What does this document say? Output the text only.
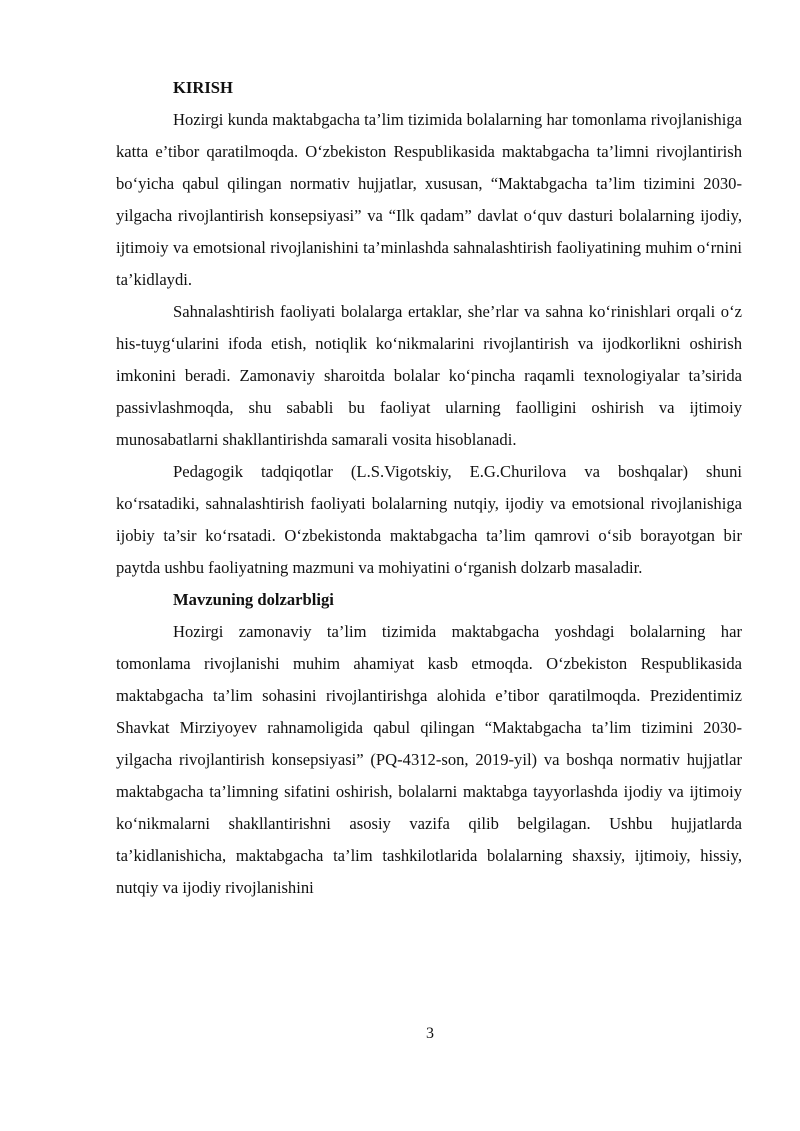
KIRISH

Hozirgi kunda maktabgacha ta’lim tizimida bolalarning har tomonlama rivojlanishiga katta e’tibor qaratilmoqda. O‘zbekiston Respublikasida maktabgacha ta’limni rivojlantirish bo‘yicha qabul qilingan normativ hujjatlar, xususan, “Maktabgacha ta’lim tizimini 2030-yilgacha rivojlantirish konsepsiyasi” va “Ilk qadam” davlat o‘quv dasturi bolalarning ijodiy, ijtimoiy va emotsional rivojlanishini ta’minlashda sahnalashtirish faoliyatining muhim o‘rnini ta’kidlaydi.

Sahnalashtirish faoliyati bolalarga ertaklar, she’rlar va sahna ko‘rinishlari orqali o‘z his-tuyg‘ularini ifoda etish, notiqlik ko‘nikmalarini rivojlantirish va ijodkorlikni oshirish imkonini beradi. Zamonaviy sharoitda bolalar ko‘pincha raqamli texnologiyalar ta’sirida passivlashmoqda, shu sababli bu faoliyat ularning faolligini oshirish va ijtimoiy munosabatlarni shakllantirishda samarali vosita hisoblanadi.

Pedagogik tadqiqotlar (L.S.Vigotskiy, E.G.Churilova va boshqalar) shuni ko‘rsatadiki, sahnalashtirish faoliyati bolalarning nutqiy, ijodiy va emotsional rivojlanishiga ijobiy ta’sir ko‘rsatadi. O‘zbekistonda maktabgacha ta’lim qamrovi o‘sib borayotgan bir paytda ushbu faoliyatning mazmuni va mohiyatini o‘rganish dolzarb masaladir.

Mavzuning dolzarbligi

Hozirgi zamonaviy ta’lim tizimida maktabgacha yoshdagi bolalarning har tomonlama rivojlanishi muhim ahamiyat kasb etmoqda. O‘zbekiston Respublikasida maktabgacha ta’lim sohasini rivojlantirishga alohida e’tibor qaratilmoqda. Prezidentimiz Shavkat Mirziyoyev rahnamoligida qabul qilingan “Maktabgacha ta’lim tizimini 2030-yilgacha rivojlantirish konsepsiyasi” (PQ-4312-son, 2019-yil) va boshqa normativ hujjatlar maktabgacha ta’limning sifatini oshirish, bolalarni maktabga tayyorlashda ijodiy va ijtimoiy ko‘nikmalarni shakllantirishni asosiy vazifa qilib belgilagan. Ushbu hujjatlarda ta’kidlanishicha, maktabgacha ta’lim tashkilotlarida bolalarning shaxsiy, ijtimoiy, hissiy, nutqiy va ijodiy rivojlanishini

3
